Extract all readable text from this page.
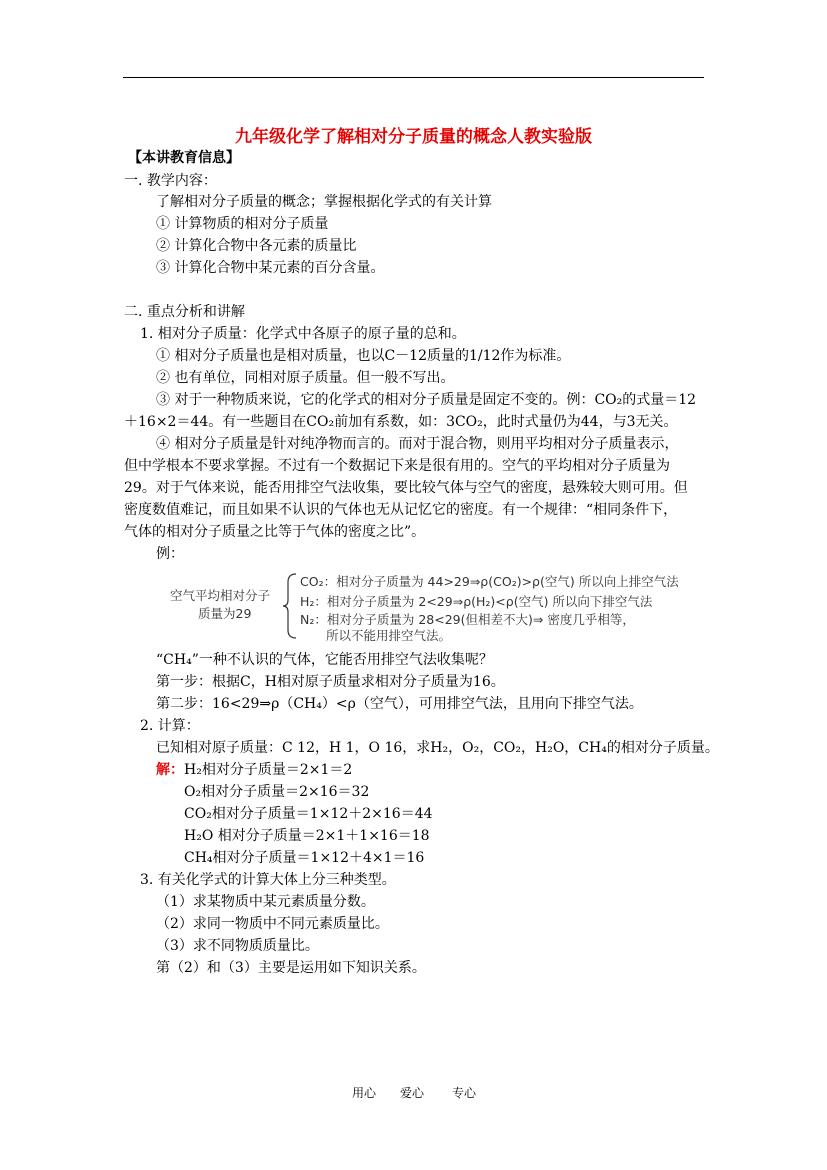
九年级化学了解相对分子质量的概念人教实验版
【本讲教育信息】
一. 教学内容：
了解相对分子质量的概念；掌握根据化学式的有关计算
① 计算物质的相对分子质量
② 计算化合物中各元素的质量比
③ 计算化合物中某元素的百分含量。
二. 重点分析和讲解
1. 相对分子质量：化学式中各原子的原子量的总和。
① 相对分子质量也是相对质量，也以C－12质量的1/12作为标准。
② 也有单位，同相对原子质量。但一般不写出。
③ 对于一种物质来说，它的化学式的相对分子质量是固定不变的。例：CO₂的式量＝12
＋16×2＝44。有一些题目在CO₂前加有系数，如：3CO₂，此时式量仍为44，与3无关。
④ 相对分子质量是针对纯净物而言的。而对于混合物，则用平均相对分子质量表示，
但中学根本不要求掌握。不过有一个数据记下来是很有用的。空气的平均相对分子质量为
29。对于气体来说，能否用排空气法收集，要比较气体与空气的密度，悬殊较大则可用。但
密度数值难记，而且如果不认识的气体也无从记忆它的密度。有一个规律：“相同条件下，
气体的相对分子质量之比等于气体的密度之比”。
例：
空气平均相对分子
质量为29
CO₂：相对分子质量为 44>29⇒ρ(CO₂)>ρ(空气) 所以向上排空气法
H₂：相对分子质量为 2<29⇒ρ(H₂)<ρ(空气) 所以向下排空气法
N₂：相对分子质量为 28<29(但相差不大)⇒ 密度几乎相等，
所以不能用排空气法。
“CH₄”一种不认识的气体，它能否用排空气法收集呢？
第一步：根据C，H相对原子质量求相对分子质量为16。
第二步：16<29⇒ρ（CH₄）<ρ（空气），可用排空气法，且用向下排空气法。
2. 计算：
已知相对原子质量：C 12，H 1，O 16，求H₂，O₂，CO₂，H₂O，CH₄的相对分子质量。
解： H₂相对分子质量＝2×1＝2
O₂相对分子质量＝2×16＝32
CO₂相对分子质量＝1×12＋2×16＝44
H₂O 相对分子质量＝2×1＋1×16＝18
CH₄相对分子质量＝1×12＋4×1＝16
3. 有关化学式的计算大体上分三种类型。
（1）求某物质中某元素质量分数。
（2）求同一物质中不同元素质量比。
（3）求不同物质质量比。
第（2）和（3）主要是运用如下知识关系。
用心 爱心 专心
